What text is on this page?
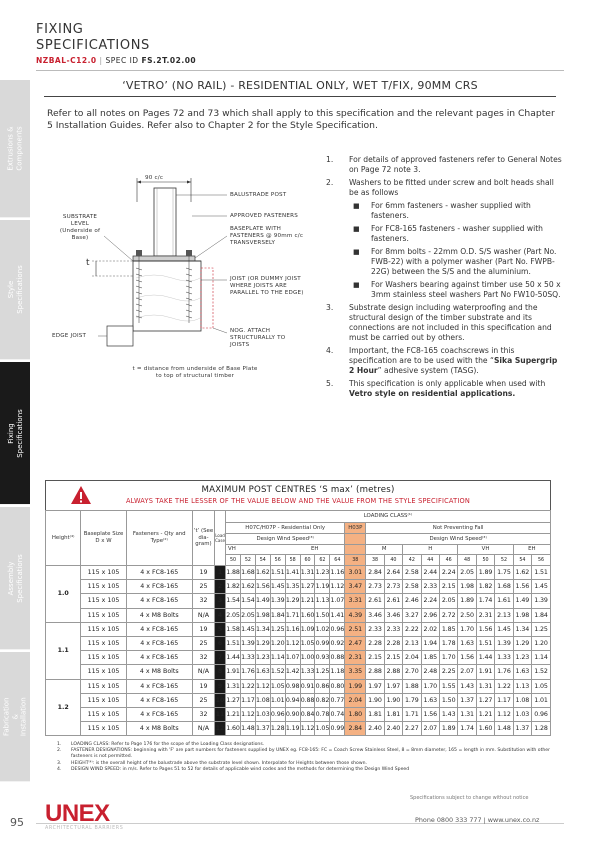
FIXING
SPECIFICATIONS
NZBAL-C12.0 | SPEC ID FS.2T.02.00
Extrusions & Components
Style Specifications
Fixing Specifications
Assembly Specifications
Fabrication & Installation
‘VETRO’ (NO RAIL) - RESIDENTIAL ONLY, WET T/FIX, 90MM CRS
Refer to all notes on Pages 72 and 73 which shall apply to this specification and the relevant pages in Chapter 5 Installation Guides. Refer also to Chapter 2 for the Style Specification.
90 c/c
BALUSTRADE POST
APPROVED FASTENERS
BASEPLATE WITH FASTENERS @ 90mm c/c TRANSVERSELY
JOIST (OR DUMMY JOIST WHERE JOISTS ARE PARALLEL TO THE EDGE)
SUBSTRATE LEVEL (Underside of Base)
t
EDGE JOIST
NOG. ATTACH STRUCTURALLY TO JOISTS
t = distance from underside of Base Plate to top of structural timber
1. For details of approved fasteners refer to General Notes on Page 72 note 3.
2. Washers to be fitted under screw and bolt heads shall be as follows
■ For 6mm fasteners - washer supplied with fasteners.
■ For FC8-165 fasteners - washer supplied with fasteners.
■ For 8mm bolts - 22mm O.D. S/S washer (Part No. FWB-22) with a polymer washer (Part No. FWPB-22G) between the S/S and the aluminium.
■ For Washers bearing against timber use 50 x 50 x 3mm stainless steel washers Part No FW10-50SQ.
3. Substrate design including waterproofing and the structural design of the timber substrate and its connections are not included in this specification and must be carried out by others.
4. Important, the FC8-165 coachscrews in this specification are to be used with the “Sika Supergrip 2 Hour” adhesive system (TASG).
5. This specification is only applicable when used with Vetro style on residential applications.
MAXIMUM POST CENTRES ‘S max’ (metres)
ALWAYS TAKE THE LESSER OF THE VALUE BELOW AND THE VALUE FROM THE STYLE SPECIFICATION
Height⁽⁴⁾	Baseplate Size D x W	Fasteners - Qty and Type⁽²⁾	‘t’ (See dia- gram)	Load Case	LOADING CLASS⁽¹⁾																		
					H07C/H07P - Residential Only								H03P	Not Preventing Fall									
					Design Wind Speed⁽³⁾									Design Wind Speed⁽³⁾									
					VH				EH					M		H			VH			EH	
					50	52	54	56	58	60	62	64	38	38	40	42	44	46	48	50	52	54	56
1.0	115 x 105	4 x FC8-165	19	1	1.88	1.68	1.62	1.51	1.41	1.31	1.23	1.16	3.01	2.84	2.64	2.58	2.44	2.24	2.05	1.89	1.75	1.62	1.51
	115 x 105	4 x FC8-165	25	2	1.82	1.62	1.56	1.45	1.35	1.27	1.19	1.12	3.47	2.73	2.73	2.58	2.33	2.15	1.98	1.82	1.68	1.56	1.45
	115 x 105	4 x FC8-165	32	3	1.54	1.54	1.49	1.39	1.29	1.21	1.13	1.07	3.31	2.61	2.61	2.46	2.24	2.05	1.89	1.74	1.61	1.49	1.39
	115 x 105	4 x M8 Bolts	N/A	4	2.05	2.05	1.98	1.84	1.71	1.60	1.50	1.41	4.39	3.46	3.46	3.27	2.96	2.72	2.50	2.31	2.13	1.98	1.84
1.1	115 x 105	4 x FC8-165	19	5	1.58	1.45	1.34	1.25	1.16	1.09	1.02	0.96	2.51	2.33	2.33	2.22	2.02	1.85	1.70	1.56	1.45	1.34	1.25
	115 x 105	4 x FC8-165	25	6	1.51	1.39	1.29	1.20	1.12	1.05	0.99	0.92	2.47	2.28	2.28	2.13	1.94	1.78	1.63	1.51	1.39	1.29	1.20
	115 x 105	4 x FC8-165	32	7	1.44	1.33	1.23	1.14	1.07	1.00	0.93	0.88	2.31	2.15	2.15	2.04	1.85	1.70	1.56	1.44	1.33	1.23	1.14
	115 x 105	4 x M8 Bolts	N/A	8	1.91	1.76	1.63	1.52	1.42	1.33	1.25	1.18	3.35	2.88	2.88	2.70	2.48	2.25	2.07	1.91	1.76	1.63	1.52
1.2	115 x 105	4 x FC8-165	19	9	1.31	1.22	1.12	1.05	0.98	0.91	0.86	0.80	1.99	1.97	1.97	1.88	1.70	1.55	1.43	1.31	1.22	1.13	1.05
	115 x 105	4 x FC8-165	25	10	1.27	1.17	1.08	1.01	0.94	0.88	0.82	0.77	2.04	1.90	1.90	1.79	1.63	1.50	1.37	1.27	1.17	1.08	1.01
	115 x 105	4 x FC8-165	32	11	1.21	1.12	1.03	0.96	0.90	0.84	0.78	0.74	1.80	1.81	1.81	1.71	1.56	1.43	1.31	1.21	1.12	1.03	0.96
	115 x 105	4 x M8 Bolts	N/A	12	1.60	1.48	1.37	1.28	1.19	1.12	1.05	0.99	2.84	2.40	2.40	2.27	2.07	1.89	1.74	1.60	1.48	1.37	1.28
1. LOADING CLASS: Refer to Page 176 for the scope of the Loading Class designations.
2. FASTENER DESIGNATIONS: beginning with 'F' are part numbers for fasteners supplied by UNEX eg. FC8-165: FC = Coach Screw Stainless Steel, 8 = 8mm diameter, 165 = length in mm. Substitution with other fasteners is not permitted.
3. HEIGHT⁽⁴⁾: is the overall height of the balustrade above the substrate level shown. Interpolate for Heights between those shown.
4. DESIGN WIND SPEED: in m/s. Refer to Pages 51 to 52 for details of applicable wind codes and the methods for determining the Design Wind Speed
Specifications subject to change without notice
95 UNEX
ARCHITECTURAL BARRIERS
Phone 0800 333 777 | www.unex.co.nz
